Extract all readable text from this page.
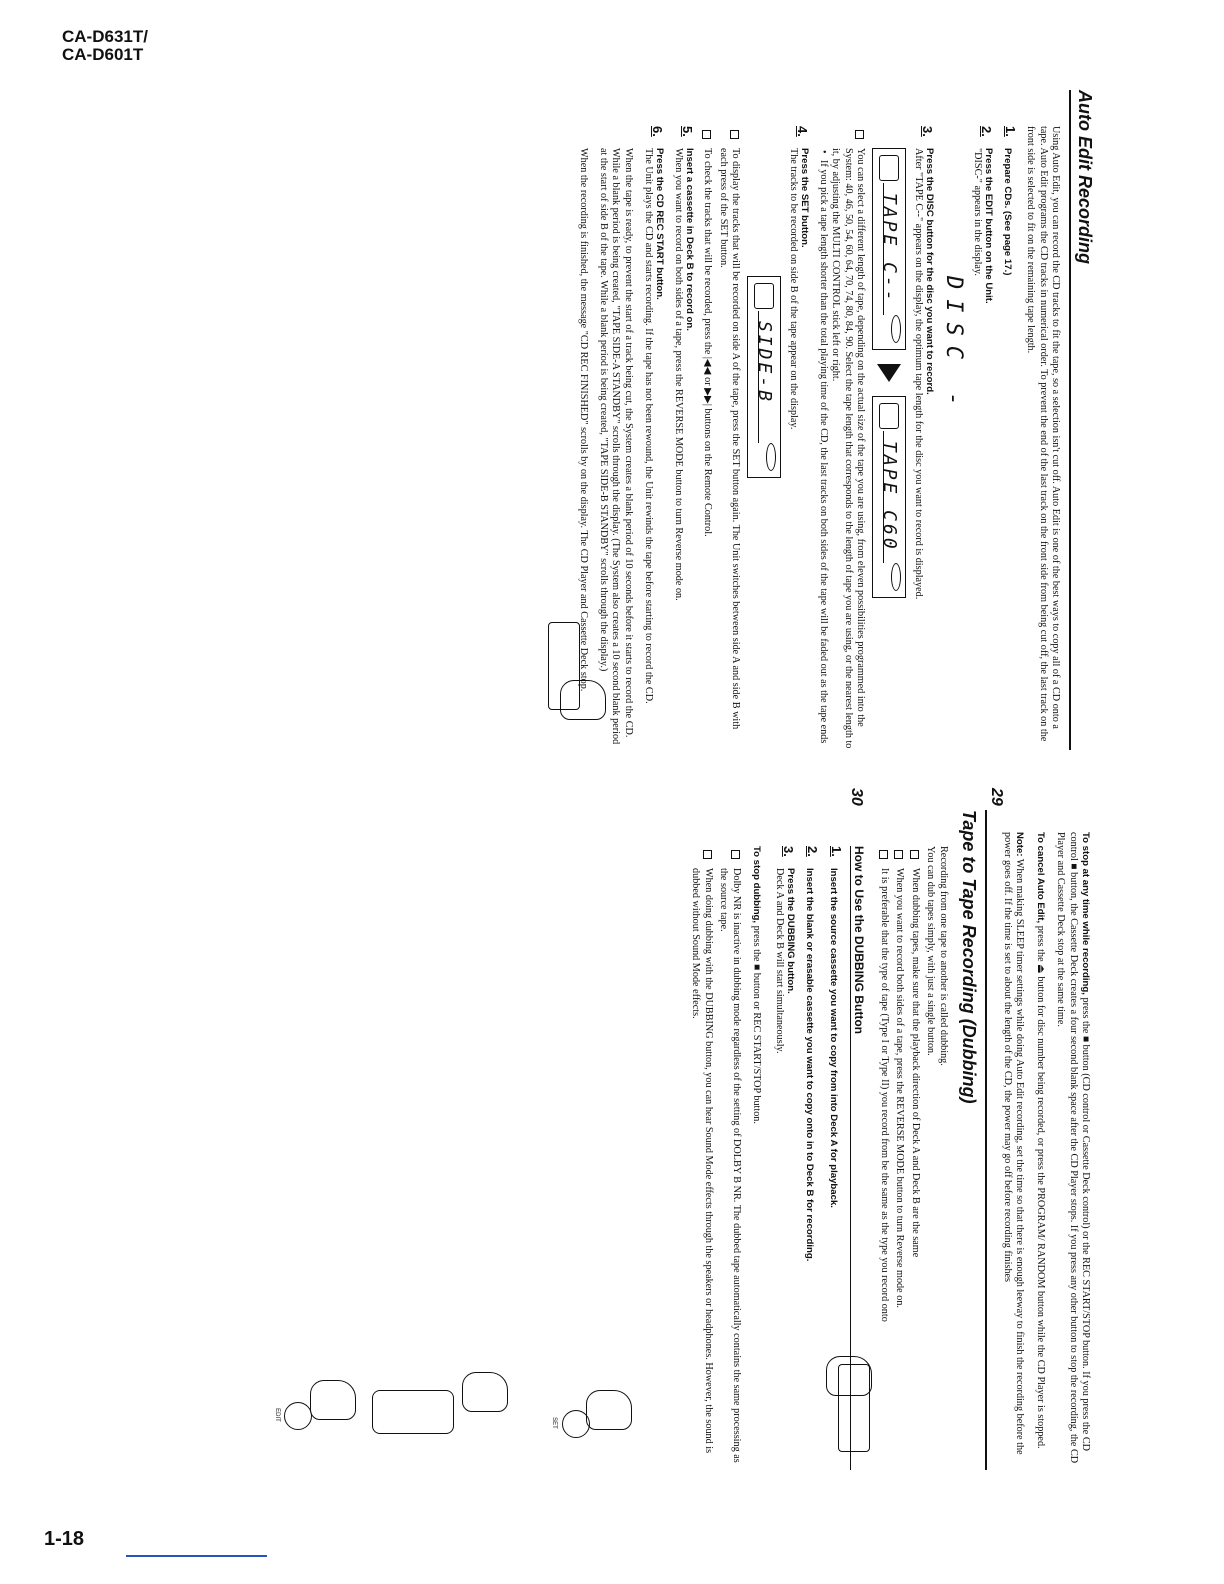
CA-D631T/
CA-D601T
Auto Edit Recording

Using Auto Edit, you can record the CD tracks to fit the tape, so a selection isn't cut off. Auto Edit is one of the best ways to copy all of a CD onto a tape. Auto Edit programs the CD tracks in numerical order. To prevent the end of the last track on the front side from being cut off, the last track on the front side is selected to fit on the remaining tape length.

1.
Prepare CDs. (See page 17.)
2.
Press the EDIT button on the Unit.

"DISC-" appears in the display.

DISC -
3.
Press the DISC button for the disc you want to record.

After "TAPE C--" appears on the display, the optimum tape length for the disc you want to record is displayed.

TAPE C--

TAPE C60

You can select a different length of tape, depending on the actual size of the tape you are using, from eleven possibilities programmed into the System: 40, 46, 50, 54, 60, 64, 70, 74, 80, 84, 90. Select the tape length that corresponds to the length of tape you are using, or the nearest length to it, by adjusting the MULTI CONTROL stick left or right.

• If you pick a tape length shorter than the total playing time of the CD, the last tracks on both sides of the tape will be faded out as the tape ends

4.
Press the SET button.

The tracks to be recorded on side B of the tape appear on the display.

SIDE-B

To display the tracks that will be recorded on side A of the tape, press the SET button again. The Unit switches between side A and side B with each press of the SET button.

To check the tracks that will be recorded, press the |◀◀ or ▶▶| buttons on the Remote Control.

5.
Insert a cassette in Deck B to record on.

When you want to record on both sides of a tape, press the REVERSE MODE button to turn Reverse mode on.

6.
Press the CD REC START button.

The Unit plays the CD and starts recording. If the tape has not been rewound, the Unit rewinds the tape before starting to record the CD.

When the tape is ready, to prevent the start of a track being cut, the System creates a blank period of 10 seconds before it starts to record the CD. While a blank period is being created, "TAPE SIDE-A STANDBY" scrolls through the display. (The System also creates a 10 second blank period at the start of side B of the tape. While a blank period is being created, "TAPE SIDE-B STANDBY" scrolls through the display.)

When the recording is finished, the message "CD REC FINISHED" scrolls by on the display. The CD Player and Cassette Deck stop.

29
30

To stop at any time while recording, press the ■ button (CD control or Cassette Deck control) or the REC START/STOP button. If you press the CD control ■ button, the Cassette Deck creates a four second blank space after the CD Player stops. If you press any other button to stop the recording, the CD Player and Cassette Deck stop at the same time.

To cancel Auto Edit, press the ⏏ button for disc number being recorded, or press the PROGRAM/ RANDOM button while the CD Player is stopped.

Note: When making SLEEP timer settings while doing Auto Edit recording, set the time so that there is enough leeway to finish the recording before the power goes off. If the time is set to about the length of the CD, the power may go off before recording finishes

Tape to Tape Recording (Dubbing)

Recording from one tape to another is called dubbing.

You can dub tapes simply, with just a single button.

When dubbing tapes, make sure that the playback direction of Deck A and Deck B are the same

When you want to record both sides of a tape, press the REVERSE MODE button to turn Reverse mode on.

It is preferable that the type of tape (Type I or Type II) you record from be the same as the type you record onto

How to Use the DUBBING Button
1.
Insert the source cassette you want to copy from into Deck A for playback.
2.
Insert the blank or erasable cassette you want to copy onto in to Deck B for recording.
3.
Press the DUBBING button.

Deck A and Deck B will start simultaneously.

To stop dubbing, press the ■ button or REC START/STOP button.

Dolby NR is inactive in dubbing mode regardless of the setting of DOLBY B NR. The dubbed tape automatically contains the same processing as the source tape.

When doing dubbing with the DUBBING button, you can hear Sound Mode effects through the speakers or headphones. However, the sound is dubbed without Sound Mode effects.

EDIT
SET
1-18
